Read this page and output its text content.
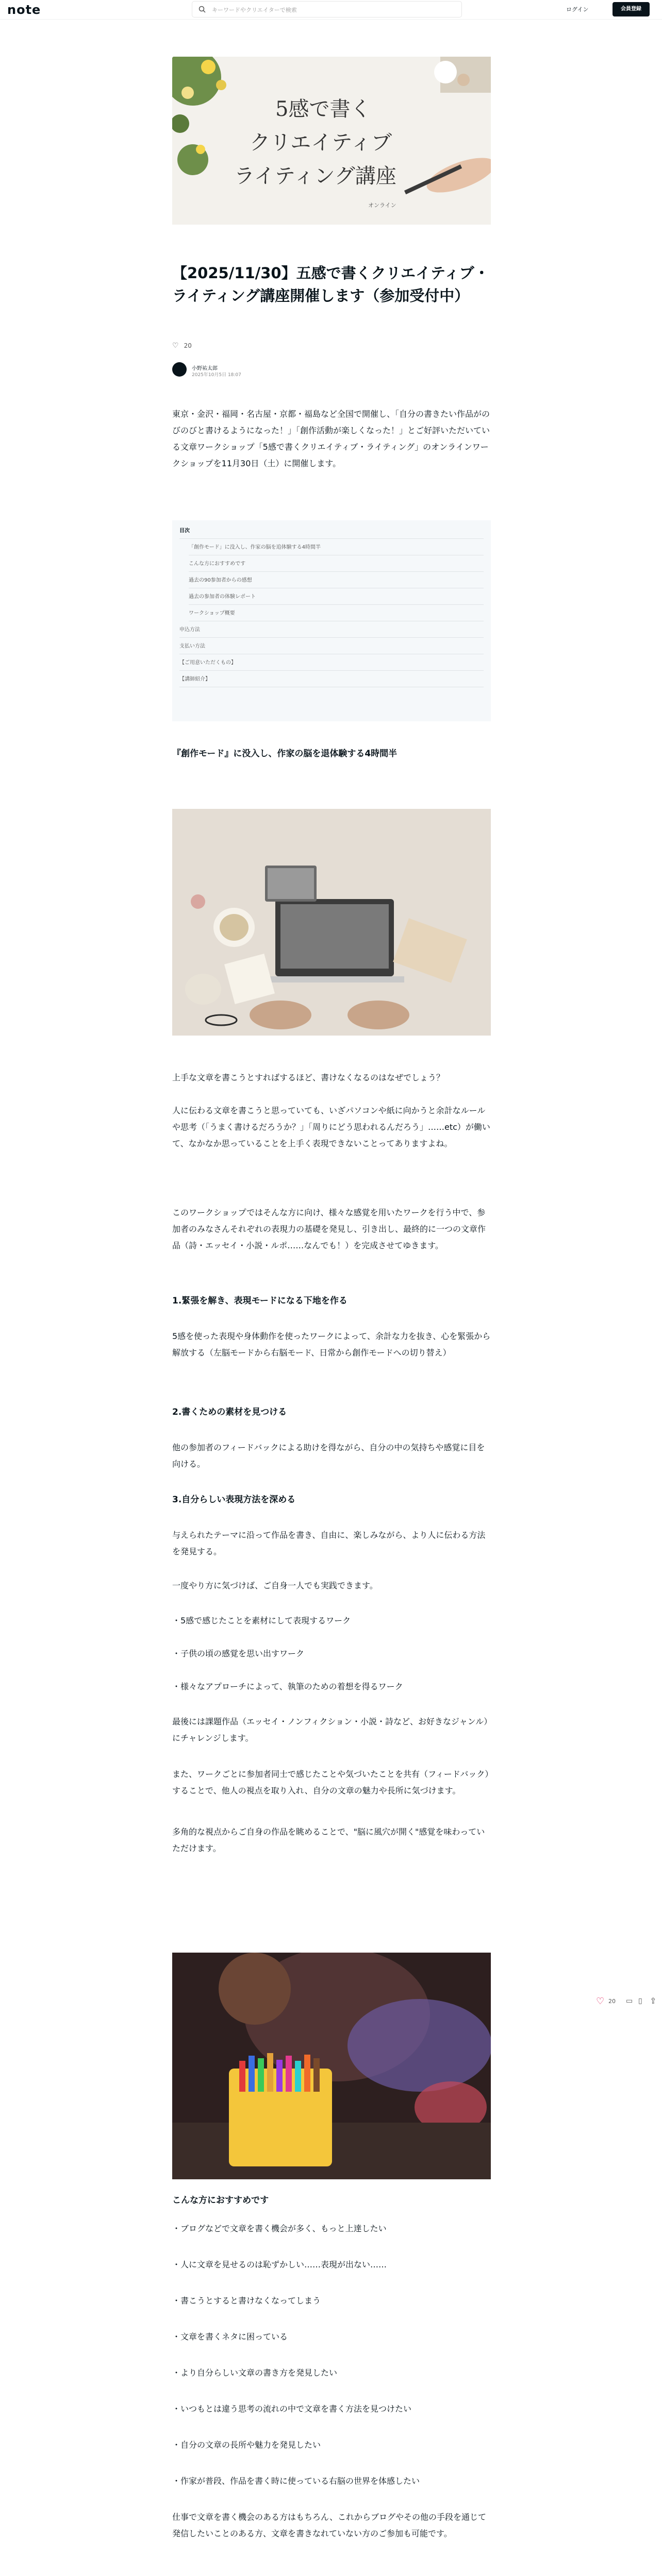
note	キーワードやクリエイターで検索	ログイン	会員登録
5感で書く
クリエイティブ
ライティング講座
オンライン
【2025/11/30】五感で書くクリエイティブ・ライティング講座開催します（参加受付中）
♡ 20
小野祐太郎
2025年10月5日 18:07
東京・金沢・福岡・名古屋・京都・福島など全国で開催し、「自分の書きたい作品がのびのびと書けるようになった！」「創作活動が楽しくなった！」とご好評いただいている文章ワークショップ「5感で書くクリエイティブ・ライティング」のオンラインワークショップを11月30日（土）に開催します。
目次
「創作モード」に没入し、作家の脳を追体験する4時間半
こんな方におすすめです
過去の90参加者からの感想
過去の参加者の体験レポート
ワークショップ概要
申込方法
支払い方法
【ご用意いただくもの】
【講師紹介】
『創作モード』に没入し、作家の脳を退体験する4時間半
上手な文章を書こうとすればするほど、書けなくなるのはなぜでしょう？
人に伝わる文章を書こうと思っていても、いざパソコンや紙に向かうと余計なルールや思考（「うまく書けるだろうか？」「周りにどう思われるんだろう」……etc）が働いて、なかなか思っていることを上手く表現できないことってありますよね。
このワークショップではそんな方に向け、様々な感覚を用いたワークを行う中で、参加者のみなさんそれぞれの表現力の基礎を発見し、引き出し、最終的に一つの文章作品（詩・エッセイ・小説・ルポ……なんでも！）を完成させてゆきます。
1.緊張を解き、表現モードになる下地を作る
5感を使った表現や身体動作を使ったワークによって、余計な力を抜き、心を緊張から解放する（左脳モードから右脳モード、日常から創作モードへの切り替え）
2.書くための素材を見つける
他の参加者のフィードバックによる助けを得ながら、自分の中の気持ちや感覚に目を向ける。
3.自分らしい表現方法を深める
与えられたテーマに沿って作品を書き、自由に、楽しみながら、より人に伝わる方法を発見する。
一度やり方に気づけば、ご自身一人でも実践できます。
・5感で感じたことを素材にして表現するワーク
・子供の頃の感覚を思い出すワーク
・様々なアプローチによって、執筆のための着想を得るワーク
最後には課題作品（エッセイ・ノンフィクション・小説・詩など、お好きなジャンル）にチャレンジします。
また、ワークごとに参加者同士で感じたことや気づいたことを共有（フィードバック）することで、他人の視点を取り入れ、自分の文章の魅力や長所に気づけます。
多角的な視点からご自身の作品を眺めることで、"脳に風穴が開く"感覚を味わっていただけます。
こんな方におすすめです
・ブログなどで文章を書く機会が多く、もっと上達したい
・人に文章を見せるのは恥ずかしい……表現が出ない……
・書こうとすると書けなくなってしまう
・文章を書くネタに困っている
・より自分らしい文章の書き方を発見したい
・いつもとは違う思考の流れの中で文章を書く方法を見つけたい
・自分の文章の長所や魅力を発見したい
・作家が普段、作品を書く時に使っている右脳の世界を体感したい
仕事で文章を書く機会のある方はもちろん、これからブログやその他の手段を通じて発信したいことのある方、文章を書きなれていない方のご参加も可能です。
♡ 20 ▭ ▯ ⇪
